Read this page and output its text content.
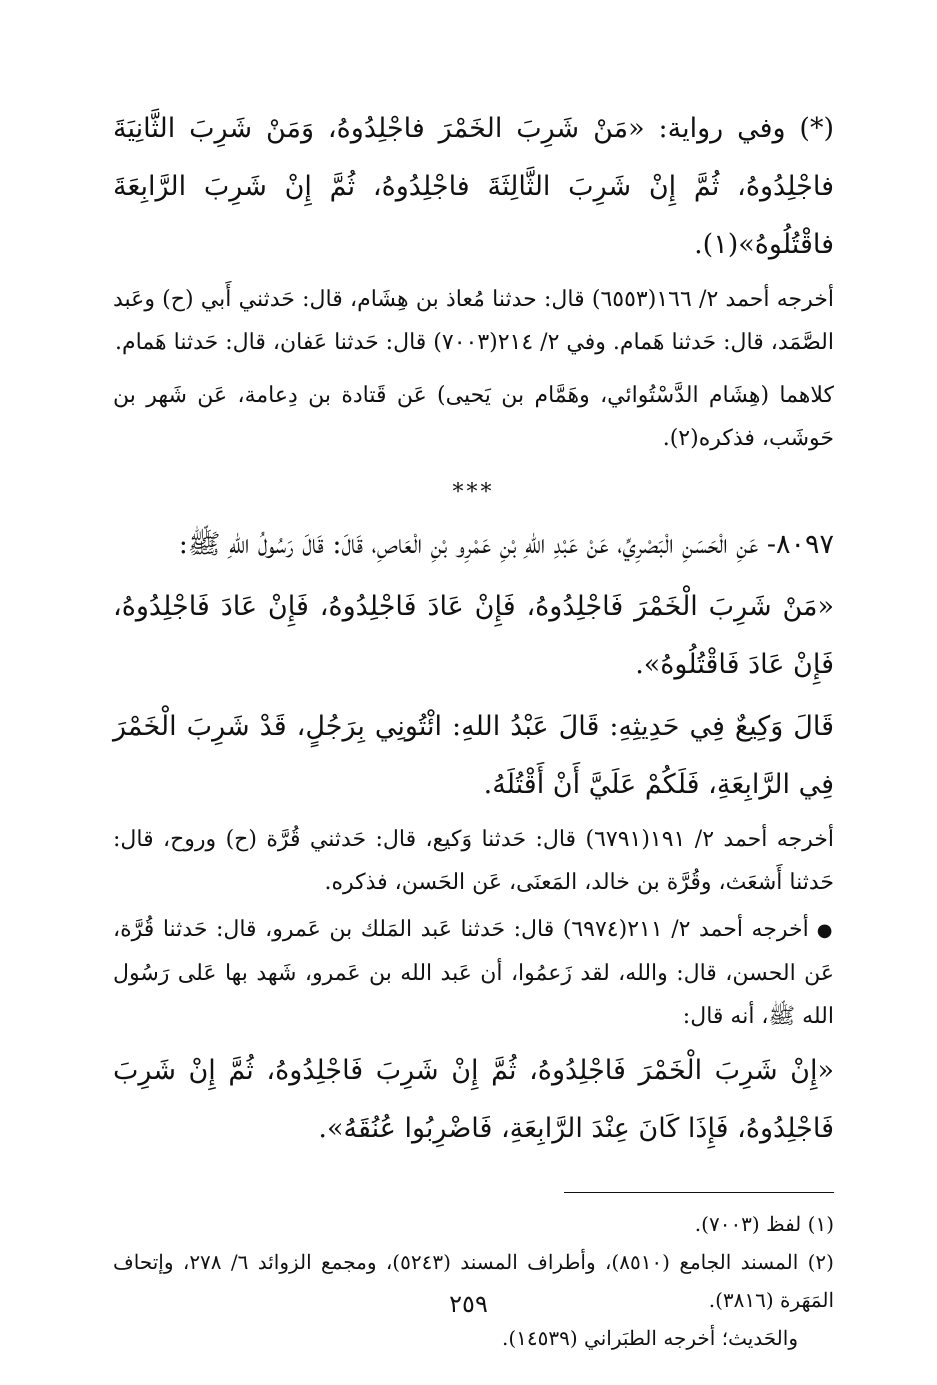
(*) وفي رواية: «مَنْ شَرِبَ الخَمْرَ فاجْلِدُوهُ، وَمَنْ شَرِبَ الثَّانِيَةَ فاجْلِدُوهُ، ثُمَّ إِنْ شَرِبَ الثَّالِثَةَ فاجْلِدُوهُ، ثُمَّ إِنْ شَرِبَ الرَّابِعَةَ فاقْتُلُوهُ»(١).

أخرجه أحمد ٢/ ١٦٦(٦٥٥٣) قال: حدثنا مُعاذ بن هِشَام، قال: حَدثني أَبي (ح) وعَبد الصَّمَد، قال: حَدثنا هَمام. وفي ٢/ ٢١٤(٧٠٠٣) قال: حَدثنا عَفان، قال: حَدثنا هَمام.

كلاهما (هِشَام الدَّسْتُوائي، وهَمَّام بن يَحيى) عَن قَتادة بن دِعامة، عَن شَهر بن حَوشَب، فذكره(٢).

***

٨٠٩٧- عَنِ الْحَسَنِ الْبَصْرِيِّ، عَنْ عَبْدِ اللهِ بْنِ عَمْرِو بْنِ الْعَاصِ، قَالَ: قَالَ رَسُولُ اللهِ ﷺ:

«مَنْ شَرِبَ الْخَمْرَ فَاجْلِدُوهُ، فَإِنْ عَادَ فَاجْلِدُوهُ، فَإِنْ عَادَ فَاجْلِدُوهُ، فَإِنْ عَادَ فَاقْتُلُوهُ».

قَالَ وَكِيعٌ فِي حَدِيثِهِ: قَالَ عَبْدُ اللهِ: ائْتُونِي بِرَجُلٍ، قَدْ شَرِبَ الْخَمْرَ فِي الرَّابِعَةِ، فَلَكُمْ عَلَيَّ أَنْ أَقْتُلَهُ.

أخرجه أحمد ٢/ ١٩١(٦٧٩١) قال: حَدثنا وَكيع، قال: حَدثني قُرَّة (ح) وروح، قال: حَدثنا أَشعَث، وقُرَّة بن خالد، المَعنَى، عَن الحَسن، فذكره.

●أخرجه أحمد ٢/ ٢١١(٦٩٧٤) قال: حَدثنا عَبد المَلك بن عَمرو، قال: حَدثنا قُرَّة، عَن الحسن، قال: والله، لقد زَعمُوا، أن عَبد الله بن عَمرو، شَهد بها عَلى رَسُول الله ﷺ، أنه قال:

«إِنْ شَرِبَ الْخَمْرَ فَاجْلِدُوهُ، ثُمَّ إِنْ شَرِبَ فَاجْلِدُوهُ، ثُمَّ إِنْ شَرِبَ فَاجْلِدُوهُ، فَإِذَا كَانَ عِنْدَ الرَّابِعَةِ، فَاضْرِبُوا عُنُقَهُ».

(١) لفظ (٧٠٠٣).

(٢) المسند الجامع (٨٥١٠)، وأطراف المسند (٥٢٤٣)، ومجمع الزوائد ٦/ ٢٧٨، وإتحاف المَهَرة (٣٨١٦).

والحَديث؛ أخرجه الطبَراني (١٤٥٣٩).

٢٥٩
